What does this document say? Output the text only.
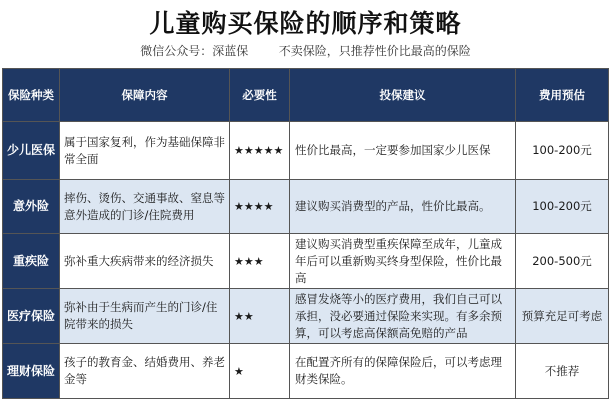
儿童购买保险的顺序和策略
微信公众号：深蓝保        不卖保险，只推荐性价比最高的保险
保险种类	保障内容	必要性	投保建议	费用预估
少儿医保	属于国家复利，作为基础保障非常全面	★★★★★	性价比最高，一定要参加国家少儿医保	100-200元
意外险	摔伤、烫伤、交通事故、窒息等意外造成的门诊/住院费用	★★★★	建议购买消费型的产品，性价比最高。	100-200元
重疾险	弥补重大疾病带来的经济损失	★★★	建议购买消费型重疾保障至成年，儿童成年后可以重新购买终身型保险，性价比最高	200-500元
医疗保险	弥补由于生病而产生的门诊/住院带来的损失	★★	感冒发烧等小的医疗费用，我们自己可以承担，没必要通过保险来实现。有多余预算，可以考虑高保额高免赔的产品	预算充足可考虑
理财保险	孩子的教育金、结婚费用、养老金等	★	在配置齐所有的保障保险后，可以考虑理财类保险。	不推荐
